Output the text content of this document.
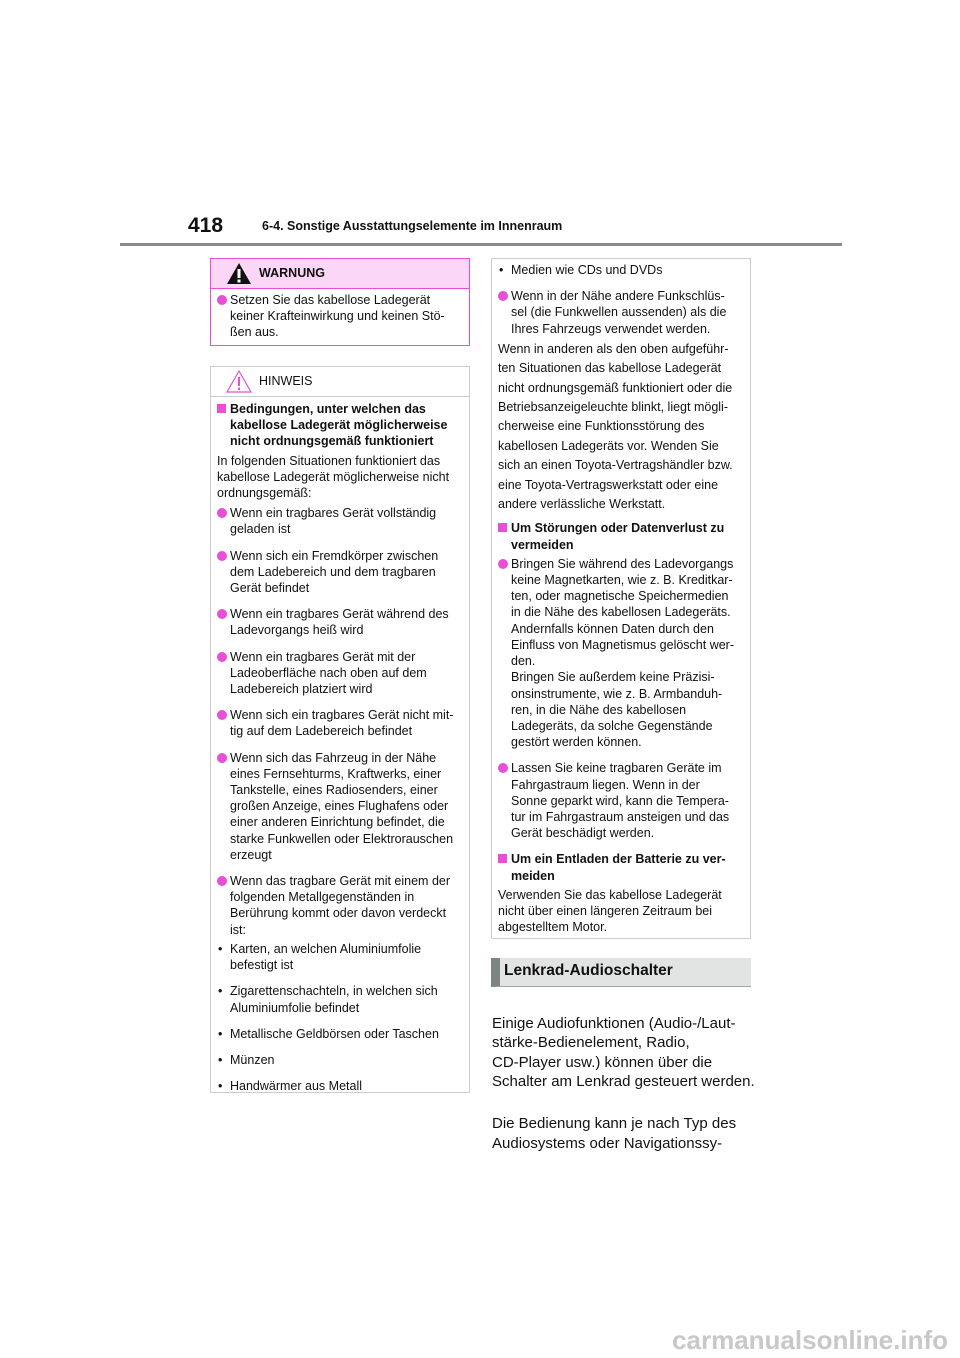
418	6-4. Sonstige Ausstattungselemente im Innenraum
WARNUNG
Setzen Sie das kabellose Ladegerät
keiner Krafteinwirkung und keinen Stö-
ßen aus.
HINWEIS
Bedingungen, unter welchen das
kabellose Ladegerät möglicherweise
nicht ordnungsgemäß funktioniert
In folgenden Situationen funktioniert das
kabellose Ladegerät möglicherweise nicht
ordnungsgemäß:
Wenn ein tragbares Gerät vollständig
geladen ist
Wenn sich ein Fremdkörper zwischen
dem Ladebereich und dem tragbaren
Gerät befindet
Wenn ein tragbares Gerät während des
Ladevorgangs heiß wird
Wenn ein tragbares Gerät mit der
Ladeoberfläche nach oben auf dem
Ladebereich platziert wird
Wenn sich ein tragbares Gerät nicht mit-
tig auf dem Ladebereich befindet
Wenn sich das Fahrzeug in der Nähe
eines Fernsehturms, Kraftwerks, einer
Tankstelle, eines Radiosenders, einer
großen Anzeige, eines Flughafens oder
einer anderen Einrichtung befindet, die
starke Funkwellen oder Elektrorauschen
erzeugt
Wenn das tragbare Gerät mit einem der
folgenden Metallgegenständen in
Berührung kommt oder davon verdeckt
ist:
• Karten, an welchen Aluminiumfolie
befestigt ist
• Zigarettenschachteln, in welchen sich
Aluminiumfolie befindet
• Metallische Geldbörsen oder Taschen
• Münzen
• Handwärmer aus Metall
• Medien wie CDs und DVDs
Wenn in der Nähe andere Funkschlüs-
sel (die Funkwellen aussenden) als die
Ihres Fahrzeugs verwendet werden.
Wenn in anderen als den oben aufgeführ-
ten Situationen das kabellose Ladegerät
nicht ordnungsgemäß funktioniert oder die
Betriebsanzeigeleuchte blinkt, liegt mögli-
cherweise eine Funktionsstörung des
kabellosen Ladegeräts vor. Wenden Sie
sich an einen Toyota-Vertragshändler bzw.
eine Toyota-Vertragswerkstatt oder eine
andere verlässliche Werkstatt.
Um Störungen oder Datenverlust zu
vermeiden
Bringen Sie während des Ladevorgangs
keine Magnetkarten, wie z. B. Kreditkar-
ten, oder magnetische Speichermedien
in die Nähe des kabellosen Ladegeräts.
Andernfalls können Daten durch den
Einfluss von Magnetismus gelöscht wer-
den.
Bringen Sie außerdem keine Präzisi-
onsinstrumente, wie z. B. Armbanduh-
ren, in die Nähe des kabellosen
Ladegeräts, da solche Gegenstände
gestört werden können.
Lassen Sie keine tragbaren Geräte im
Fahrgastraum liegen. Wenn in der
Sonne geparkt wird, kann die Tempera-
tur im Fahrgastraum ansteigen und das
Gerät beschädigt werden.
Um ein Entladen der Batterie zu ver-
meiden
Verwenden Sie das kabellose Ladegerät
nicht über einen längeren Zeitraum bei
abgestelltem Motor.
Lenkrad-Audioschalter

Einige Audiofunktionen (Audio-/Laut-
stärke-Bedienelement, Radio,
CD-Player usw.) können über die
Schalter am Lenkrad gesteuert werden.

Die Bedienung kann je nach Typ des
Audiosystems oder Navigationssy-

carmanualsonline.info
